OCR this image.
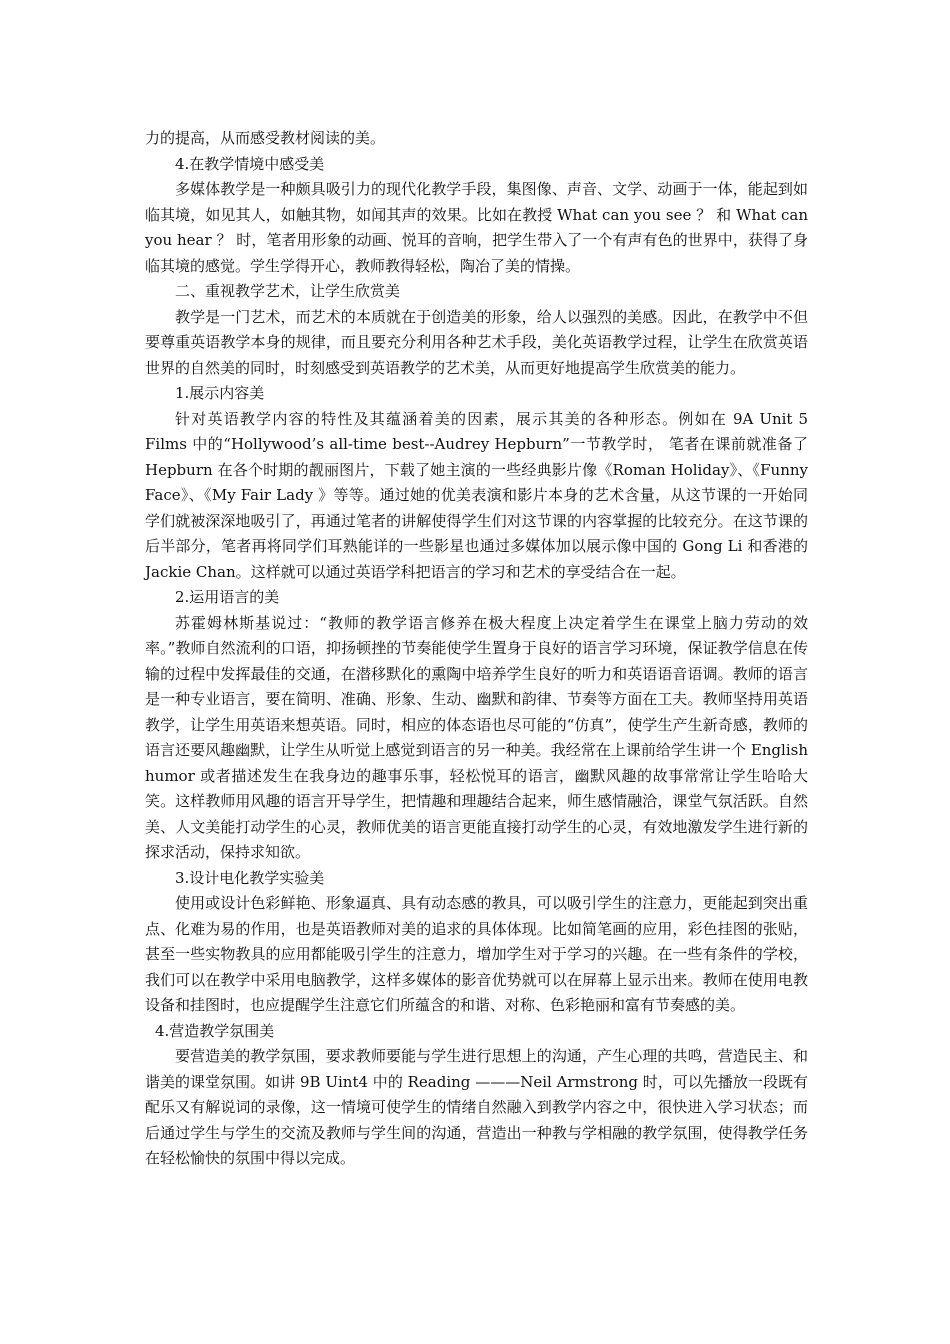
力的提高，从而感受教材阅读的美。

4.在教学情境中感受美

多媒体教学是一种颇具吸引力的现代化教学手段，集图像、声音、文学、动画于一体，能起到如临其境，如见其人，如触其物，如闻其声的效果。比如在教授 What can you see ？ 和 What can you hear ？ 时，笔者用形象的动画、悦耳的音响，把学生带入了一个有声有色的世界中，获得了身临其境的感觉。学生学得开心，教师教得轻松，陶冶了美的情操。

二、重视教学艺术，让学生欣赏美

教学是一门艺术，而艺术的本质就在于创造美的形象，给人以强烈的美感。因此，在教学中不但要尊重英语教学本身的规律，而且要充分利用各种艺术手段，美化英语教学过程，让学生在欣赏英语世界的自然美的同时，时刻感受到英语教学的艺术美，从而更好地提高学生欣赏美的能力。

1.展示内容美

针对英语教学内容的特性及其蕴涵着美的因素，展示其美的各种形态。例如在 9A Unit 5 Films 中的“Hollywood’s all-time best--Audrey Hepburn”一节教学时， 笔者在课前就准备了 Hepburn 在各个时期的靓丽图片，下载了她主演的一些经典影片像《Roman Holiday》、《Funny Face》、《My Fair Lady 》等等。通过她的优美表演和影片本身的艺术含量，从这节课的一开始同学们就被深深地吸引了，再通过笔者的讲解使得学生们对这节课的内容掌握的比较充分。在这节课的后半部分，笔者再将同学们耳熟能详的一些影星也通过多媒体加以展示像中国的 Gong Li 和香港的 Jackie Chan。这样就可以通过英语学科把语言的学习和艺术的享受结合在一起。

2.运用语言的美

苏霍姆林斯基说过：“教师的教学语言修养在极大程度上决定着学生在课堂上脑力劳动的效率。”教师自然流利的口语，抑扬顿挫的节奏能使学生置身于良好的语言学习环境，保证教学信息在传输的过程中发挥最佳的交通，在潜移默化的熏陶中培养学生良好的听力和英语语音语调。教师的语言是一种专业语言，要在简明、准确、形象、生动、幽默和韵律、节奏等方面在工夫。教师坚持用英语教学，让学生用英语来想英语。同时，相应的体态语也尽可能的“仿真”，使学生产生新奇感，教师的语言还要风趣幽默，让学生从听觉上感觉到语言的另一种美。我经常在上课前给学生讲一个 English humor 或者描述发生在我身边的趣事乐事，轻松悦耳的语言，幽默风趣的故事常常让学生哈哈大笑。这样教师用风趣的语言开导学生，把情趣和理趣结合起来，师生感情融洽，课堂气氛活跃。自然美、人文美能打动学生的心灵，教师优美的语言更能直接打动学生的心灵，有效地激发学生进行新的探求活动，保持求知欲。

3.设计电化教学实验美

使用或设计色彩鲜艳、形象逼真、具有动态感的教具，可以吸引学生的注意力，更能起到突出重点、化难为易的作用，也是英语教师对美的追求的具体体现。比如简笔画的应用，彩色挂图的张贴，甚至一些实物教具的应用都能吸引学生的注意力，增加学生对于学习的兴趣。在一些有条件的学校，我们可以在教学中采用电脑教学，这样多媒体的影音优势就可以在屏幕上显示出来。教师在使用电教设备和挂图时，也应提醒学生注意它们所蕴含的和谐、对称、色彩艳丽和富有节奏感的美。

4.营造教学氛围美

要营造美的教学氛围，要求教师要能与学生进行思想上的沟通，产生心理的共鸣，营造民主、和谐美的课堂氛围。如讲 9B Uint4 中的 Reading ———Neil Armstrong 时，可以先播放一段既有配乐又有解说词的录像，这一情境可使学生的情绪自然融入到教学内容之中，很快进入学习状态；而后通过学生与学生的交流及教师与学生间的沟通，营造出一种教与学相融的教学氛围，使得教学任务在轻松愉快的氛围中得以完成。
